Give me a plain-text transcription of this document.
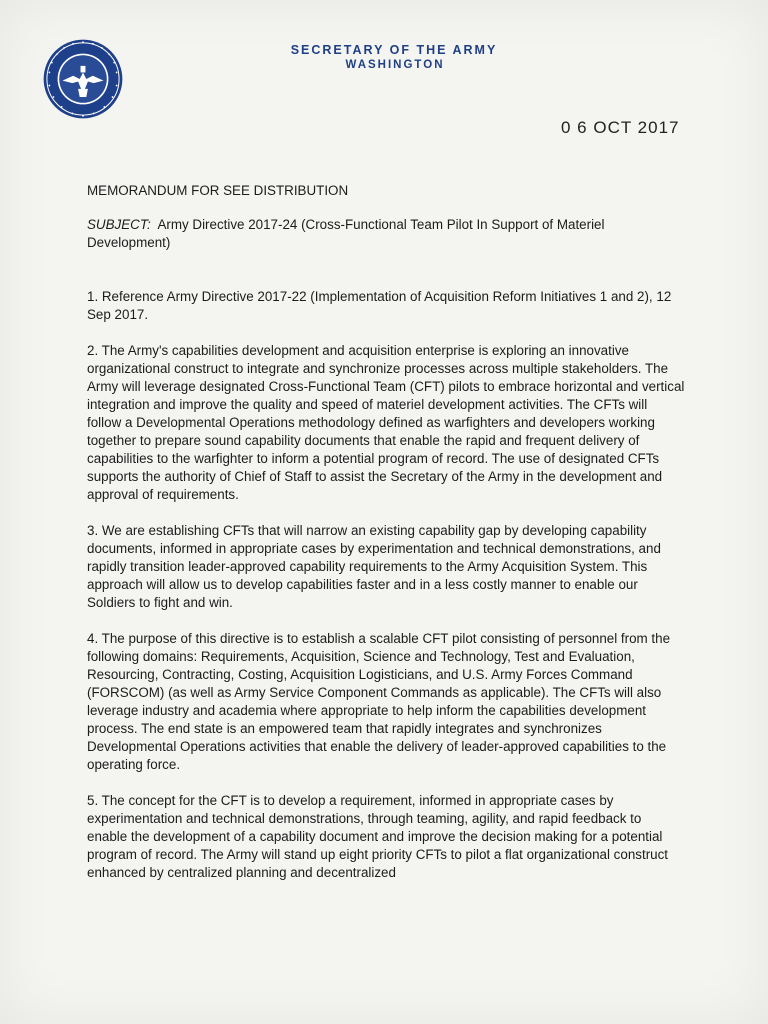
SECRETARY OF THE ARMY
WASHINGTON
0 6 OCT 2017

MEMORANDUM FOR SEE DISTRIBUTION

SUBJECT: Army Directive 2017-24 (Cross-Functional Team Pilot In Support of Materiel Development)

1. Reference Army Directive 2017-22 (Implementation of Acquisition Reform Initiatives 1 and 2), 12 Sep 2017.

2. The Army's capabilities development and acquisition enterprise is exploring an innovative organizational construct to integrate and synchronize processes across multiple stakeholders. The Army will leverage designated Cross-Functional Team (CFT) pilots to embrace horizontal and vertical integration and improve the quality and speed of materiel development activities. The CFTs will follow a Developmental Operations methodology defined as warfighters and developers working together to prepare sound capability documents that enable the rapid and frequent delivery of capabilities to the warfighter to inform a potential program of record. The use of designated CFTs supports the authority of Chief of Staff to assist the Secretary of the Army in the development and approval of requirements.

3. We are establishing CFTs that will narrow an existing capability gap by developing capability documents, informed in appropriate cases by experimentation and technical demonstrations, and rapidly transition leader-approved capability requirements to the Army Acquisition System. This approach will allow us to develop capabilities faster and in a less costly manner to enable our Soldiers to fight and win.

4. The purpose of this directive is to establish a scalable CFT pilot consisting of personnel from the following domains: Requirements, Acquisition, Science and Technology, Test and Evaluation, Resourcing, Contracting, Costing, Acquisition Logisticians, and U.S. Army Forces Command (FORSCOM) (as well as Army Service Component Commands as applicable). The CFTs will also leverage industry and academia where appropriate to help inform the capabilities development process. The end state is an empowered team that rapidly integrates and synchronizes Developmental Operations activities that enable the delivery of leader-approved capabilities to the operating force.

5. The concept for the CFT is to develop a requirement, informed in appropriate cases by experimentation and technical demonstrations, through teaming, agility, and rapid feedback to enable the development of a capability document and improve the decision making for a potential program of record. The Army will stand up eight priority CFTs to pilot a flat organizational construct enhanced by centralized planning and decentralized
